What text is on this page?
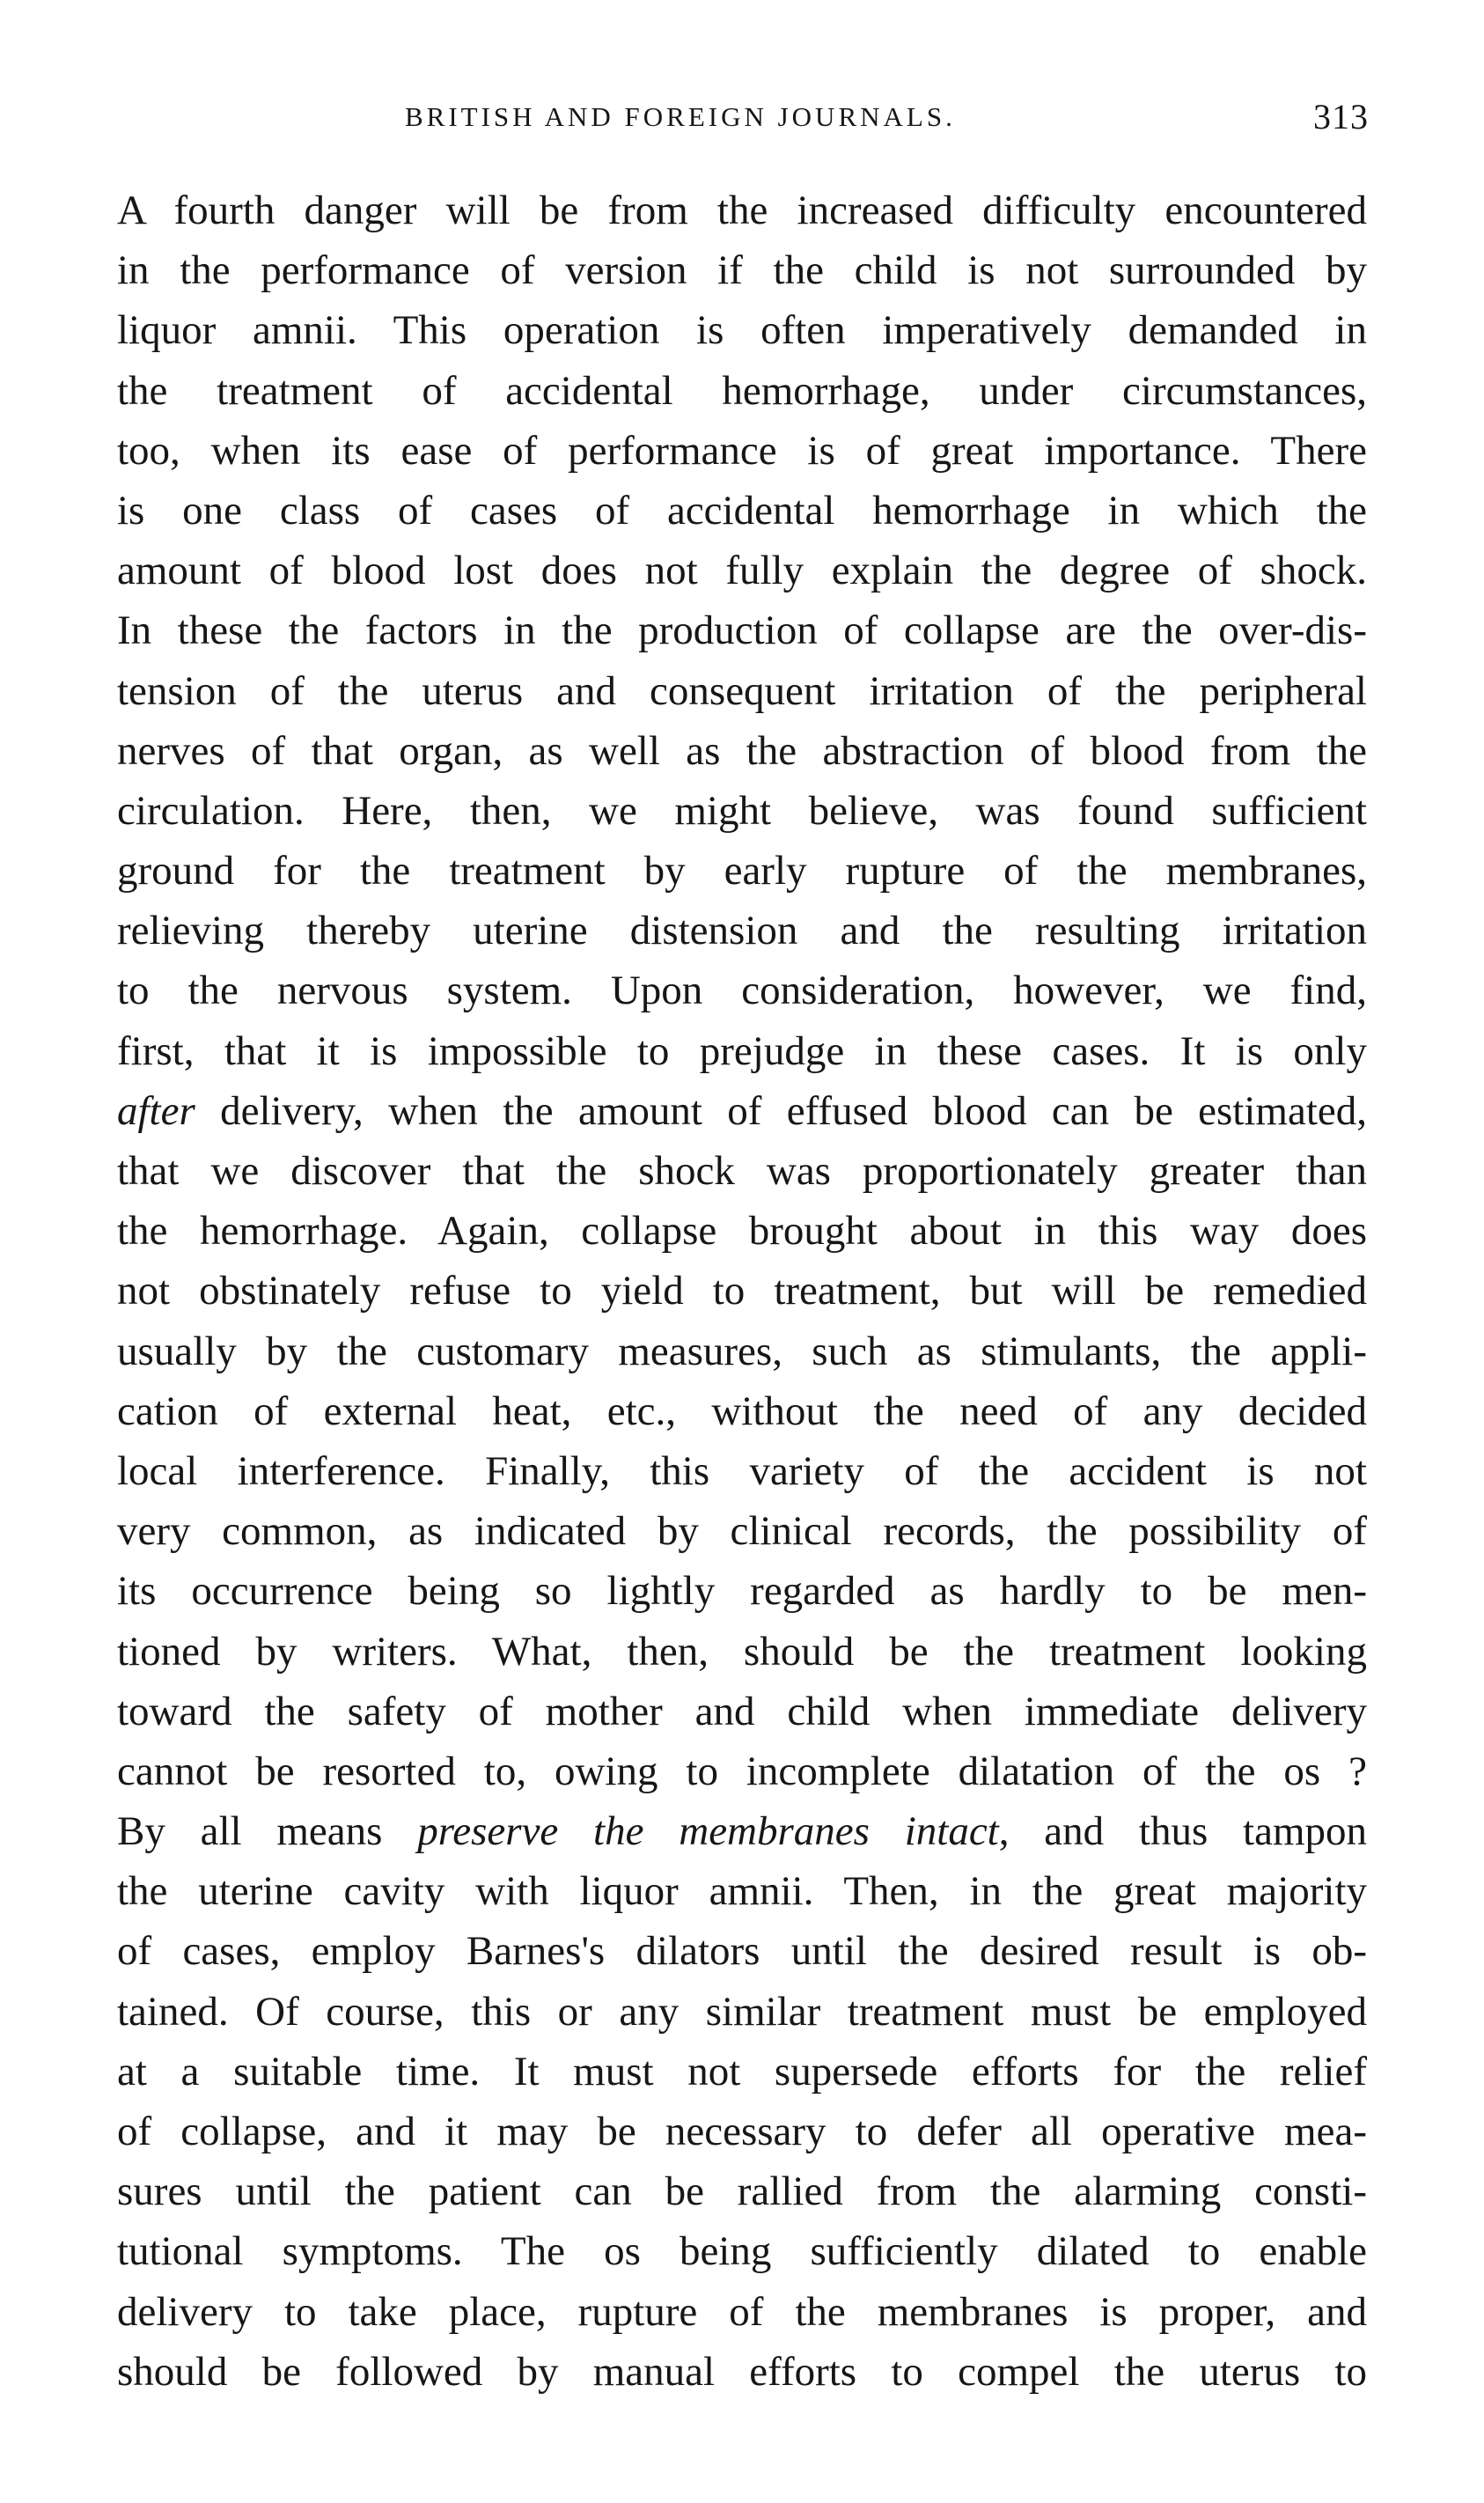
BRITISH AND FOREIGN JOURNALS.	313
A fourth danger will be from the increased difficulty encountered
in the performance of version if the child is not surrounded by
liquor amnii. This operation is often imperatively demanded in
the treatment of accidental hemorrhage, under circumstances,
too, when its ease of performance is of great importance. There
is one class of cases of accidental hemorrhage in which the
amount of blood lost does not fully explain the degree of shock.
In these the factors in the production of collapse are the over-dis-
tension of the uterus and consequent irritation of the peripheral
nerves of that organ, as well as the abstraction of blood from the
circulation. Here, then, we might believe, was found sufficient
ground for the treatment by early rupture of the membranes,
relieving thereby uterine distension and the resulting irritation
to the nervous system. Upon consideration, however, we find,
first, that it is impossible to prejudge in these cases. It is only
after delivery, when the amount of effused blood can be estimated,
that we discover that the shock was proportionately greater than
the hemorrhage. Again, collapse brought about in this way does
not obstinately refuse to yield to treatment, but will be remedied
usually by the customary measures, such as stimulants, the appli-
cation of external heat, etc., without the need of any decided
local interference. Finally, this variety of the accident is not
very common, as indicated by clinical records, the possibility of
its occurrence being so lightly regarded as hardly to be men-
tioned by writers. What, then, should be the treatment looking
toward the safety of mother and child when immediate delivery
cannot be resorted to, owing to incomplete dilatation of the os ?
By all means preserve the membranes intact, and thus tampon
the uterine cavity with liquor amnii. Then, in the great majority
of cases, employ Barnes's dilators until the desired result is ob-
tained. Of course, this or any similar treatment must be employed
at a suitable time. It must not supersede efforts for the relief
of collapse, and it may be necessary to defer all operative mea-
sures until the patient can be rallied from the alarming consti-
tutional symptoms. The os being sufficiently dilated to enable
delivery to take place, rupture of the membranes is proper, and
should be followed by manual efforts to compel the uterus to
